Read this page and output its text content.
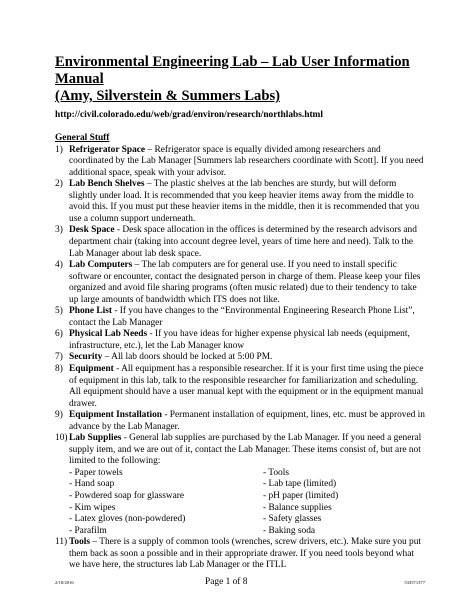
Environmental Engineering Lab – Lab User Information Manual
(Amy, Silverstein & Summers Labs)
http://civil.colorado.edu/web/grad/environ/research/northlabs.html
General Stuff
1) Refrigerator Space – Refrigerator space is equally divided among researchers and coordinated by the Lab Manager [Summers lab researchers coordinate with Scott]. If you need additional space, speak with your advisor.
2) Lab Bench Shelves – The plastic shelves at the lab benches are sturdy, but will deform slightly under load. It is recommended that you keep heavier items away from the middle to avoid this. If you must put these heavier items in the middle, then it is recommended that you use a column support underneath.
3) Desk Space - Desk space allocation in the offices is determined by the research advisors and department chair (taking into account degree level, years of time here and need). Talk to the Lab Manager about lab desk space.
4) Lab Computers – The lab computers are for general use. If you need to install specific software or encounter, contact the designated person in charge of them. Please keep your files organized and avoid file sharing programs (often music related) due to their tendency to take up large amounts of bandwidth which ITS does not like.
5) Phone List - If you have changes to the “Environmental Engineering Research Phone List”, contact the Lab Manager
6) Physical Lab Needs - If you have ideas for higher expense physical lab needs (equipment, infrastructure, etc.), let the Lab Manager know
7) Security – All lab doors should be locked at 5:00 PM.
8) Equipment - All equipment has a responsible researcher. If it is your first time using the piece of equipment in this lab, talk to the responsible researcher for familiarization and scheduling. All equipment should have a user manual kept with the equipment or in the equipment manual drawer.
9) Equipment Installation - Permanent installation of equipment, lines, etc. must be approved in advance by the Lab Manager.
10) Lab Supplies - General lab supplies are purchased by the Lab Manager. If you need a general supply item, and we are out of it, contact the Lab Manager. These items consist of, but are not limited to the following:
- Paper towels	- Tools
- Hand soap	- Lab tape (limited)
- Powdered soap for glassware	- pH paper (limited)
- Kim wipes	- Balance supplies
- Latex gloves (non-powdered)	- Safety glasses
- Parafilm	- Baking soda
11) Tools – There is a supply of common tools (wrenches, screw drivers, etc.). Make sure you put them back as soon a possible and in their appropriate drawer. If you need tools beyond what we have here, the structures lab Lab Manager or the ITLL
2/18/2016	Page 1 of 8	533571377
